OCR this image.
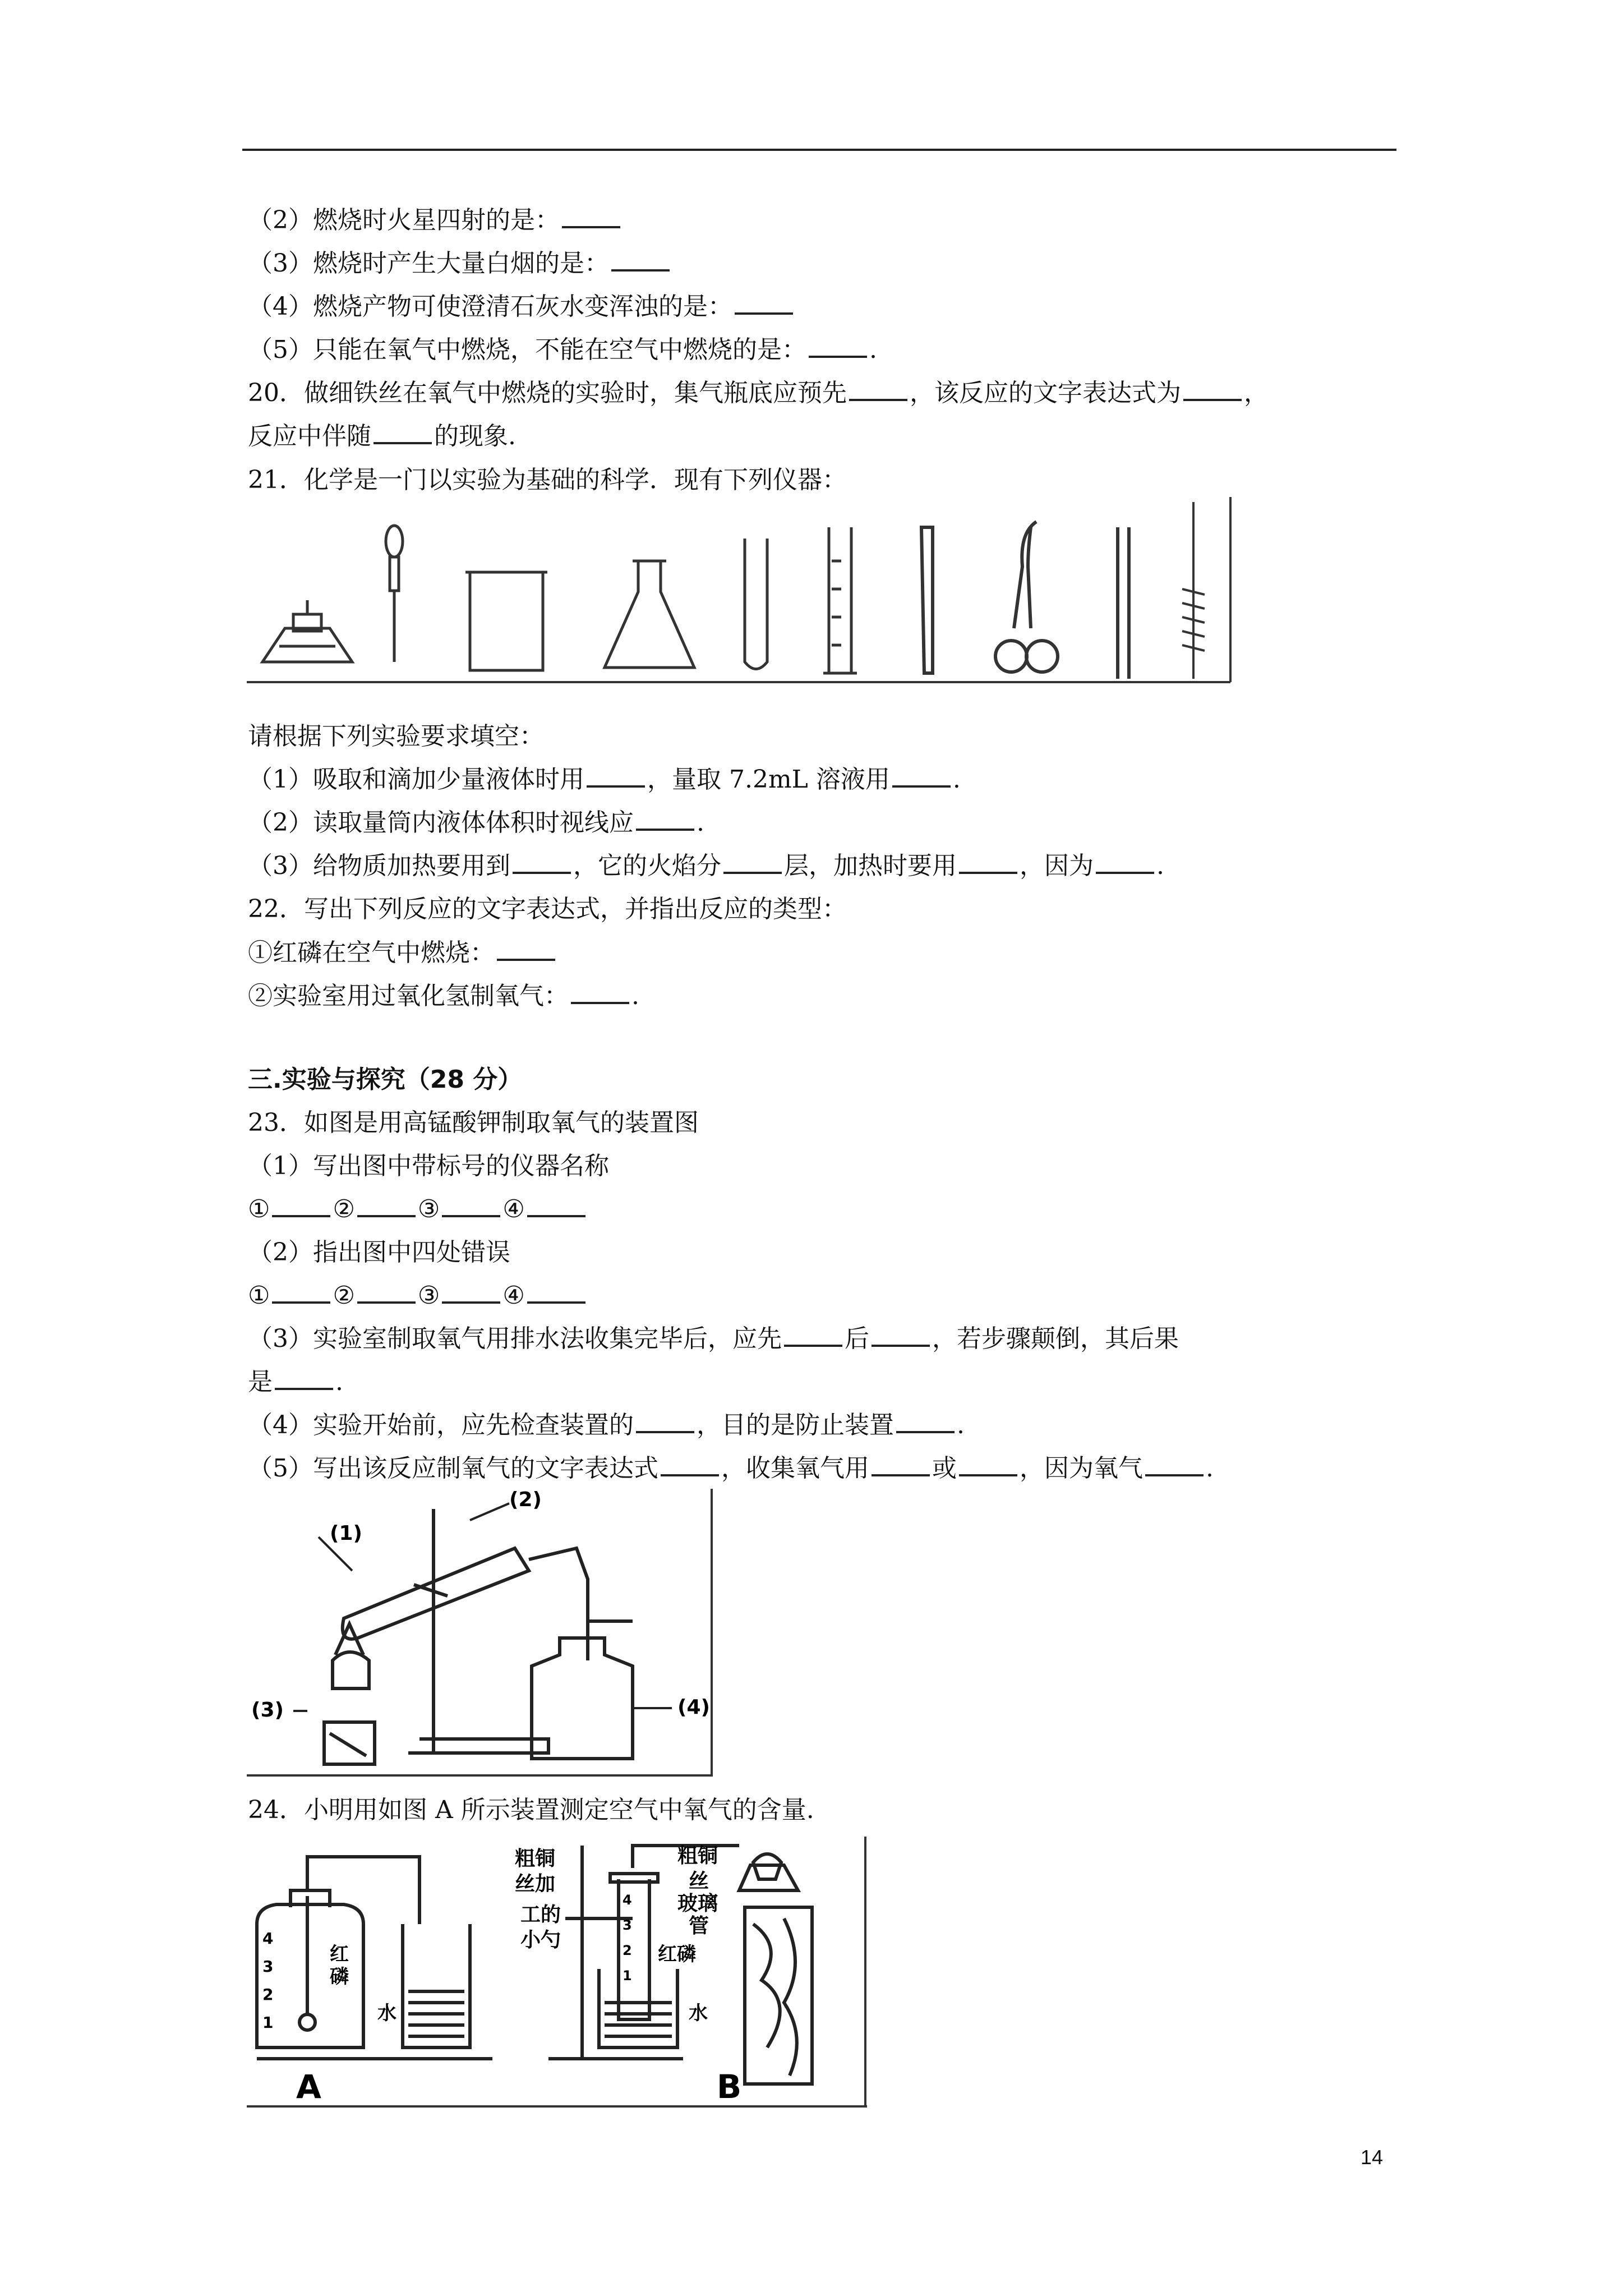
（2）燃烧时火星四射的是：
（3）燃烧时产生大量白烟的是：
（4）燃烧产物可使澄清石灰水变浑浊的是：
（5）只能在氧气中燃烧，不能在空气中燃烧的是：	.
20．做细铁丝在氧气中燃烧的实验时，集气瓶底应预先	，该反应的文字表达式为	，
反应中伴随	的现象.
21．化学是一门以实验为基础的科学．现有下列仪器：
请根据下列实验要求填空：
（1）吸取和滴加少量液体时用	，量取 7.2mL 溶液用	.
（2）读取量筒内液体体积时视线应	.
（3）给物质加热要用到	，它的火焰分	层，加热时要用	，因为	.
22．写出下列反应的文字表达式，并指出反应的类型：
①红磷在空气中燃烧：
②实验室用过氧化氢制氧气：	.
三.实验与探究（28 分）
23．如图是用高锰酸钾制取氧气的装置图
（1）写出图中带标号的仪器名称
①	②	③	④
（2）指出图中四处错误
①	②	③	④
（3）实验室制取氧气用排水法收集完毕后，应先	后	，若步骤颠倒，其后果
是	.
（4）实验开始前，应先检查装置的	，目的是防止装置	.
（5）写出该反应制氧气的文字表达式	，收集氧气用	或	，因为氧气	.
24．小明用如图 A 所示装置测定空气中氧气的含量.
(1)
(2)
(3)	(4)
4
3
2
1
红
磷
水
A
粗铜
丝加
工的
小勺
粗铜
丝
玻璃
管
红磷
水
4
3
2
1
B
14
